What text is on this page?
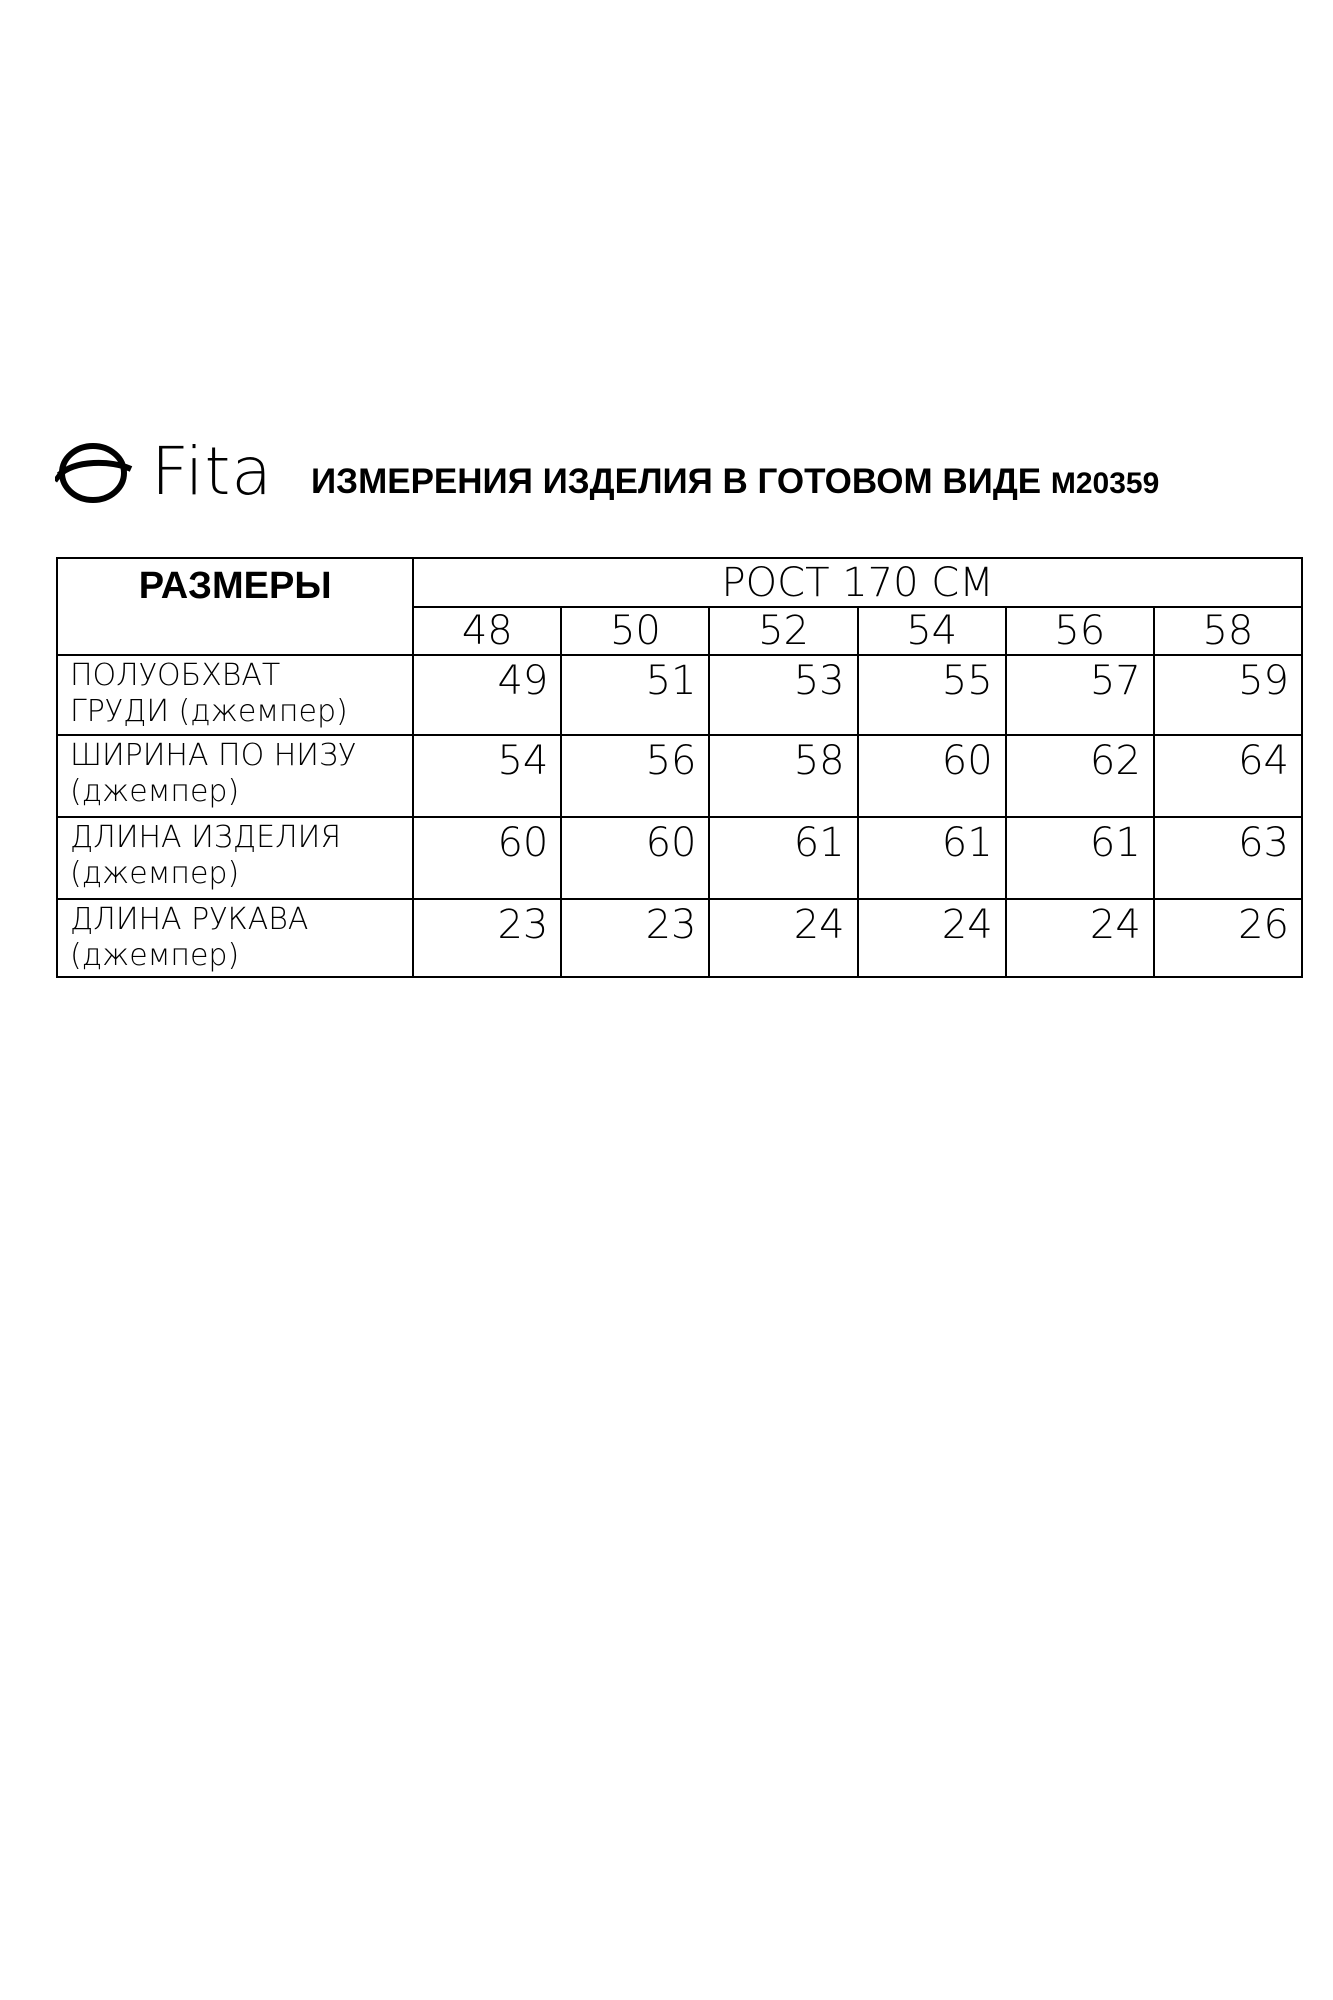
Fita ИЗМЕРЕНИЯ ИЗДЕЛИЯ В ГОТОВОМ ВИДЕ М20359
РАЗМЕРЫ	РОСТ 170 СМ					
	48	50	52	54	56	58

ПОЛУОБХВАТ
ГРУДИ (джемпер)	49	51	53	55	57	59

ШИРИНА ПО НИЗУ
(джемпер)	54	56	58	60	62	64

ДЛИНА ИЗДЕЛИЯ
(джемпер)	60	60	61	61	61	63

ДЛИНА РУКАВА
(джемпер)	23	23	24	24	24	26
